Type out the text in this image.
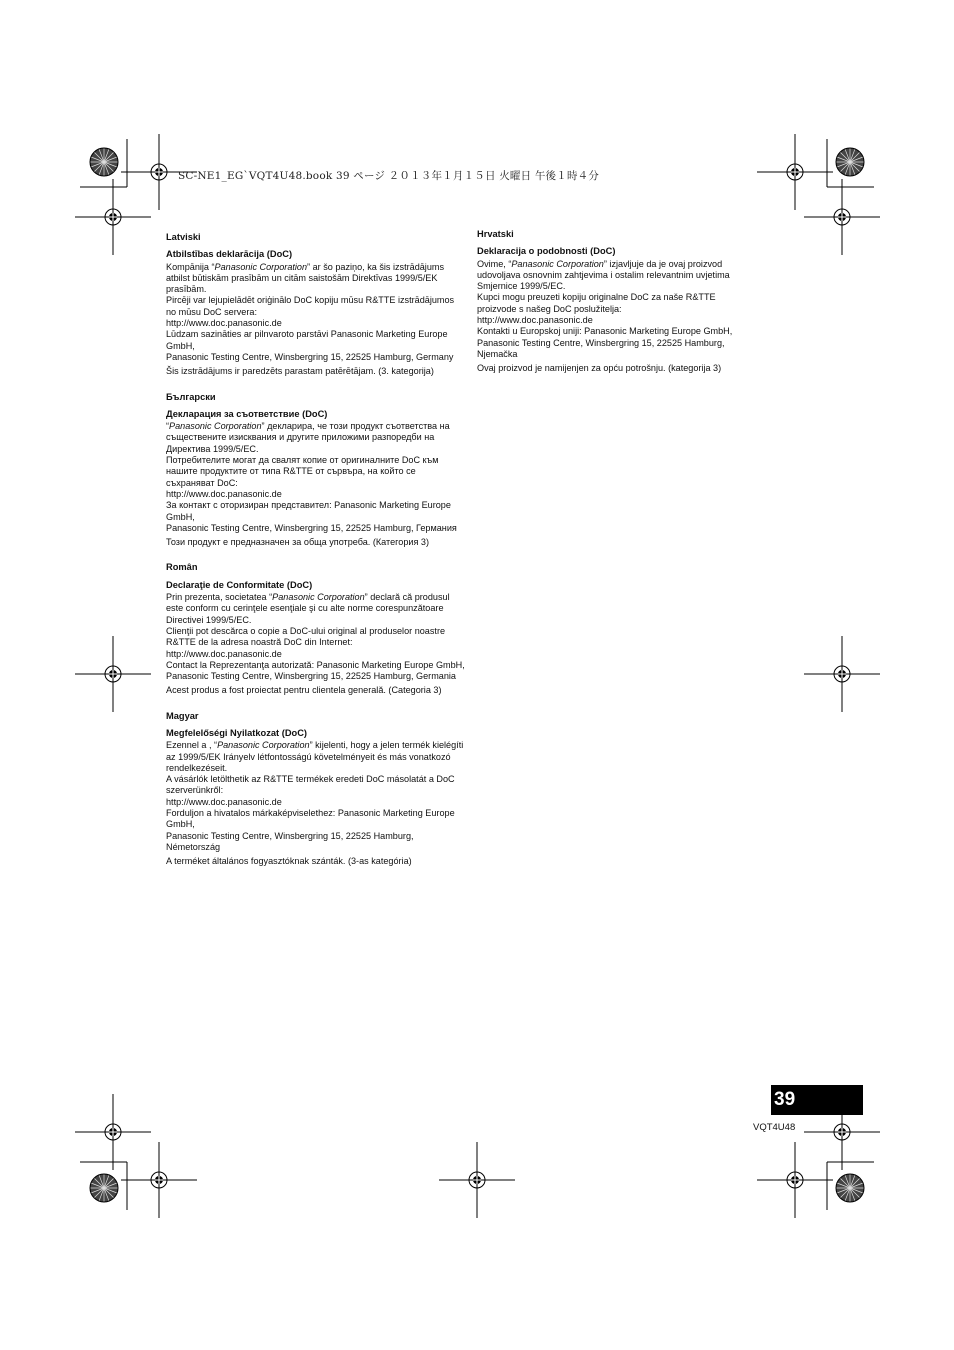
SC-NE1_EG`VQT4U48.book 39 ページ ２０１３年１月１５日 火曜日 午後１時４分
Latviski
Atbilstības deklarācija (DoC)

Kompānija “Panasonic Corporation” ar šo paziņo, ka šis izstrādājums atbilst būtiskām prasībām un citām saistošām Direktīvas 1999/5/EK prasībām.

Pircēji var lejupielādēt oriģinālo DoC kopiju mūsu R&TTE izstrādājumos no mūsu DoC servera:

http://www.doc.panasonic.de

Lūdzam sazināties ar pilnvaroto parstāvi Panasonic Marketing Europe GmbH,

Panasonic Testing Centre, Winsbergring 15, 22525 Hamburg, Germany

Šis izstrādājums ir paredzēts parastam patērētājam. (3. kategorija)

Български
Декларация за съответствие (DoC)

“Panasonic Corporation” декларира, че този продукт съответства на съществените изисквания и другите приложими разпоредби на Директива 1999/5/ЕС.

Потребителите могат да свалят копие от оригиналните DoC към нашите продуктите от типа R&TTE от сървъра, на който се съхраняват DoC:

http://www.doc.panasonic.de

За контакт с оторизиран представител: Panasonic Marketing Europe GmbH,

Panasonic Testing Centre, Winsbergring 15, 22525 Hamburg, Германия

Този продукт е предназначен за обща употреба. (Категория 3)

Român
Declaraţie de Conformitate (DoC)

Prin prezenta, societatea “Panasonic Corporation” declară că produsul este conform cu cerinţele esenţiale şi cu alte norme corespunzătoare Directivei 1999/5/EC.

Clienţii pot descărca o copie a DoC-ului original al produselor noastre R&TTE de la adresa noastră DoC din Internet:

http://www.doc.panasonic.de

Contact la Reprezentanţa autorizată: Panasonic Marketing Europe GmbH,

Panasonic Testing Centre, Winsbergring 15, 22525 Hamburg, Germania

Acest produs a fost proiectat pentru clientela generală. (Categoria 3)

Magyar
Megfelelőségi Nyilatkozat (DoC)

Ezennel a , “Panasonic Corporation” kijelenti, hogy a jelen termék kielégíti az 1999/5/EK Irányelv létfontosságú követelményeit és más vonatkozó rendelkezéseit.

A vásárlók letölthetik az R&TTE termékek eredeti DoC másolatát a DoC szerverünkről:

http://www.doc.panasonic.de

Forduljon a hivatalos márkaképviselethez: Panasonic Marketing Europe GmbH,

Panasonic Testing Centre, Winsbergring 15, 22525 Hamburg, Németország

A terméket általános fogyasztóknak szánták. (3-as kategória)

Hrvatski
Deklaracija o podobnosti (DoC)

Ovime, “Panasonic Corporation” izjavljuje da je ovaj proizvod udovoljava osnovnim zahtjevima i ostalim relevantnim uvjetima Smjernice 1999/5/EC.

Kupci mogu preuzeti kopiju originalne DoC za naše R&TTE proizvode s našeg DoC poslužitelja:

http://www.doc.panasonic.de

Kontakti u Europskoj uniji: Panasonic Marketing Europe GmbH, Panasonic Testing Centre, Winsbergring 15, 22525 Hamburg, Njemačka

Ovaj proizvod je namijenjen za opću potrošnju. (kategorija 3)

39
VQT4U48
